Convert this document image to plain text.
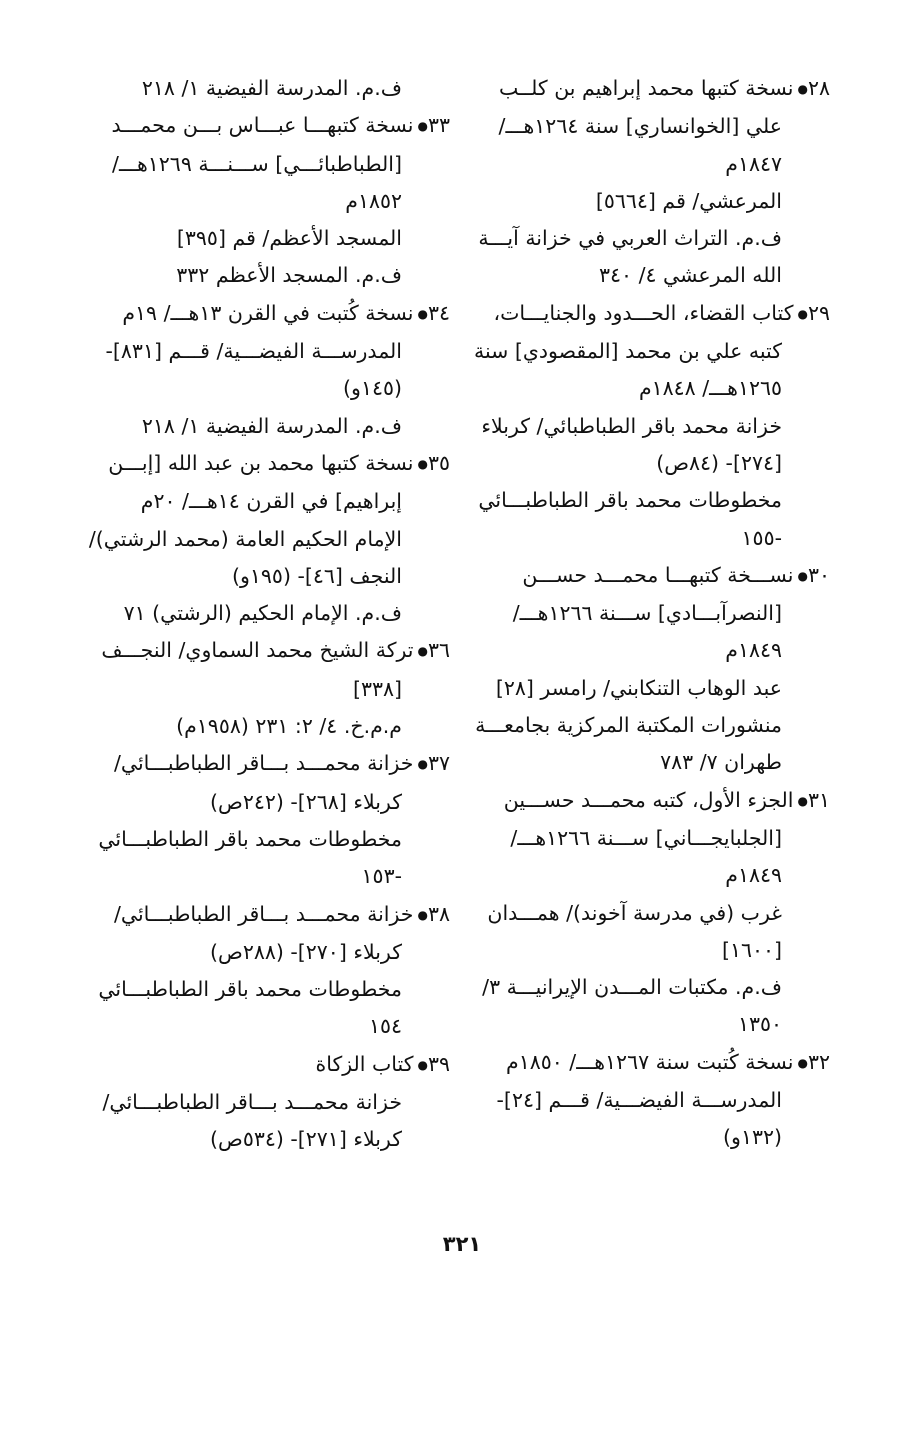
٢٨●نسخة كتبها محمد إبراهيم بن كلــب
علي [الخوانساري] سنة ١٢٦٤هـــ/
١٨٤٧م
المرعشي/ قم [٥٦٦٤]
ف.م. التراث العربي في خزانة آيـــة
الله المرعشي ٤/ ٣٤٠
٢٩●كتاب القضاء، الحـــدود والجنايـــات،
كتبه علي بن محمد [المقصودي] سنة
١٢٦٥هـــ/ ١٨٤٨م
خزانة محمد باقر الطباطبائي/ كربلاء
[٢٧٤]- (٨٤ص)
مخطوطات محمد باقر الطباطبـــائي
-١٥٥
٣٠●نســـخة كتبهـــا محمـــد حســـن
[النصرآبـــادي] ســـنة ١٢٦٦هـــ/
١٨٤٩م
عبد الوهاب التنكابني/ رامسر [٢٨]
منشورات المكتبة المركزية بجامعـــة
طهران ٧/ ٧٨٣
٣١●الجزء الأول، كتبه محمـــد حســـين
[الجلبايجـــاني] ســـنة ١٢٦٦هـــ/
١٨٤٩م
غرب (في مدرسة آخوند)/ همـــدان
[١٦٠٠]
ف.م. مكتبات المـــدن الإيرانيـــة ٣/
١٣٥٠
٣٢●نسخة كُتبت سنة ١٢٦٧هـــ/ ١٨٥٠م
المدرســـة الفيضـــية/ قـــم [٢٤]-
(١٣٢و)
ف.م. المدرسة الفيضية ١/ ٢١٨
٣٣●نسخة كتبهـــا عبـــاس بـــن محمـــد
[الطباطبائـــي] ســـنـــة ١٢٦٩هـــ/
١٨٥٢م
المسجد الأعظم/ قم [٣٩٥]
ف.م. المسجد الأعظم ٣٣٢
٣٤●نسخة كُتبت في القرن ١٣هـــ/ ١٩م
المدرســـة الفيضـــية/ قـــم [٨٣١]-
(١٤٥و)
ف.م. المدرسة الفيضية ١/ ٢١٨
٣٥●نسخة كتبها محمد بن عبد الله [إبـــن
إبراهيم] في القرن ١٤هـــ/ ٢٠م
الإمام الحكيم العامة (محمد الرشتي)/
النجف [٤٦]- (١٩٥و)
ف.م. الإمام الحكيم (الرشتي) ٧١
٣٦●تركة الشيخ محمد السماوي/ النجـــف
[٣٣٨]
م.م.خ. ٤/ ٢: ٢٣١ (١٩٥٨م)
٣٧●خزانة محمـــد بـــاقر الطباطبـــائي/
كربلاء [٢٦٨]- (٢٤٢ص)
مخطوطات محمد باقر الطباطبـــائي
-١٥٣
٣٨●خزانة محمـــد بـــاقر الطباطبـــائي/
كربلاء [٢٧٠]- (٢٨٨ص)
مخطوطات محمد باقر الطباطبـــائي
١٥٤
٣٩●كتاب الزكاة
خزانة محمـــد بـــاقر الطباطبـــائي/
كربلاء [٢٧١]- (٥٣٤ص)
٣٢١
